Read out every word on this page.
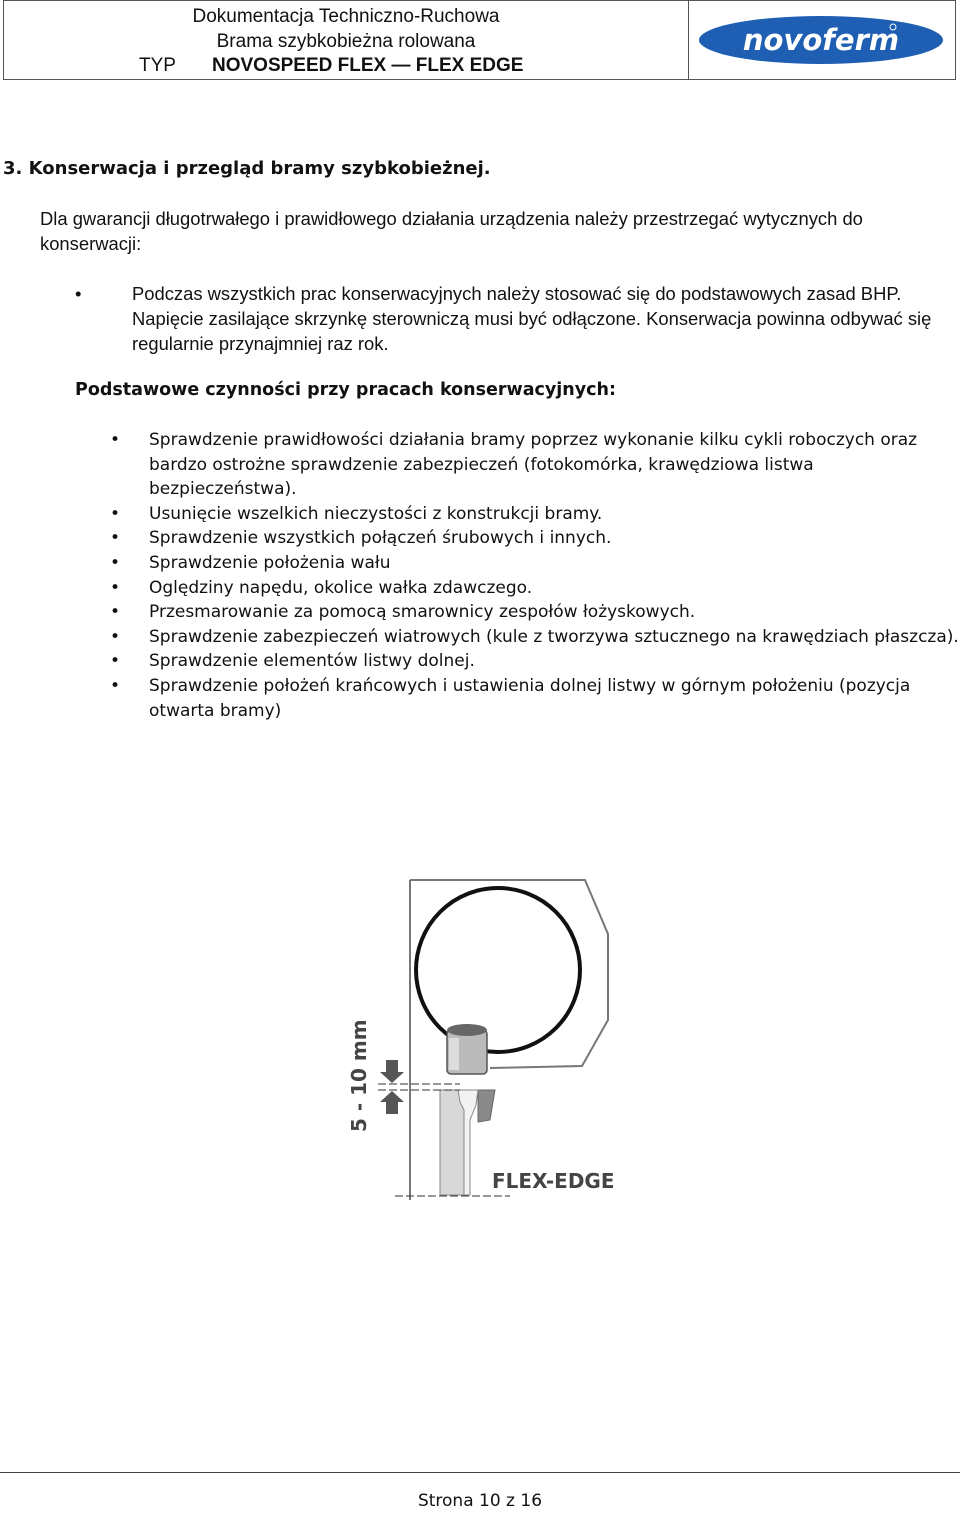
Dokumentacja Techniczno-Ruchowa
Brama szybkobieżna rolowana
TYP	NOVOSPEED FLEX — FLEX EDGE
novoferm
3. Konserwacja i przegląd bramy szybkobieżnej.
Dla gwarancji długotrwałego i prawidłowego działania urządzenia należy przestrzegać wytycznych do konserwacji:
•	Podczas wszystkich prac konserwacyjnych należy stosować się do podstawowych zasad BHP. Napięcie zasilające skrzynkę sterowniczą musi być odłączone. Konserwacja powinna odbywać się regularnie przynajmniej raz rok.
Podstawowe czynności przy pracach konserwacyjnych:
•	Sprawdzenie prawidłowości działania bramy poprzez wykonanie kilku cykli roboczych oraz bardzo ostrożne sprawdzenie zabezpieczeń (fotokomórka, krawędziowa listwa bezpieczeństwa).
•	Usunięcie wszelkich nieczystości z konstrukcji bramy.
•	Sprawdzenie wszystkich połączeń śrubowych i innych.
•	Sprawdzenie położenia wału
•	Oględziny napędu, okolice wałka zdawczego.
•	Przesmarowanie za pomocą smarownicy zespołów łożyskowych.
•	Sprawdzenie zabezpieczeń wiatrowych (kule z tworzywa sztucznego na krawędziach płaszcza).
•	Sprawdzenie elementów listwy dolnej.
•	Sprawdzenie położeń krańcowych i ustawienia dolnej listwy w górnym położeniu (pozycja otwarta bramy)
5 - 10 mm
FLEX-EDGE
Strona 10 z 16
